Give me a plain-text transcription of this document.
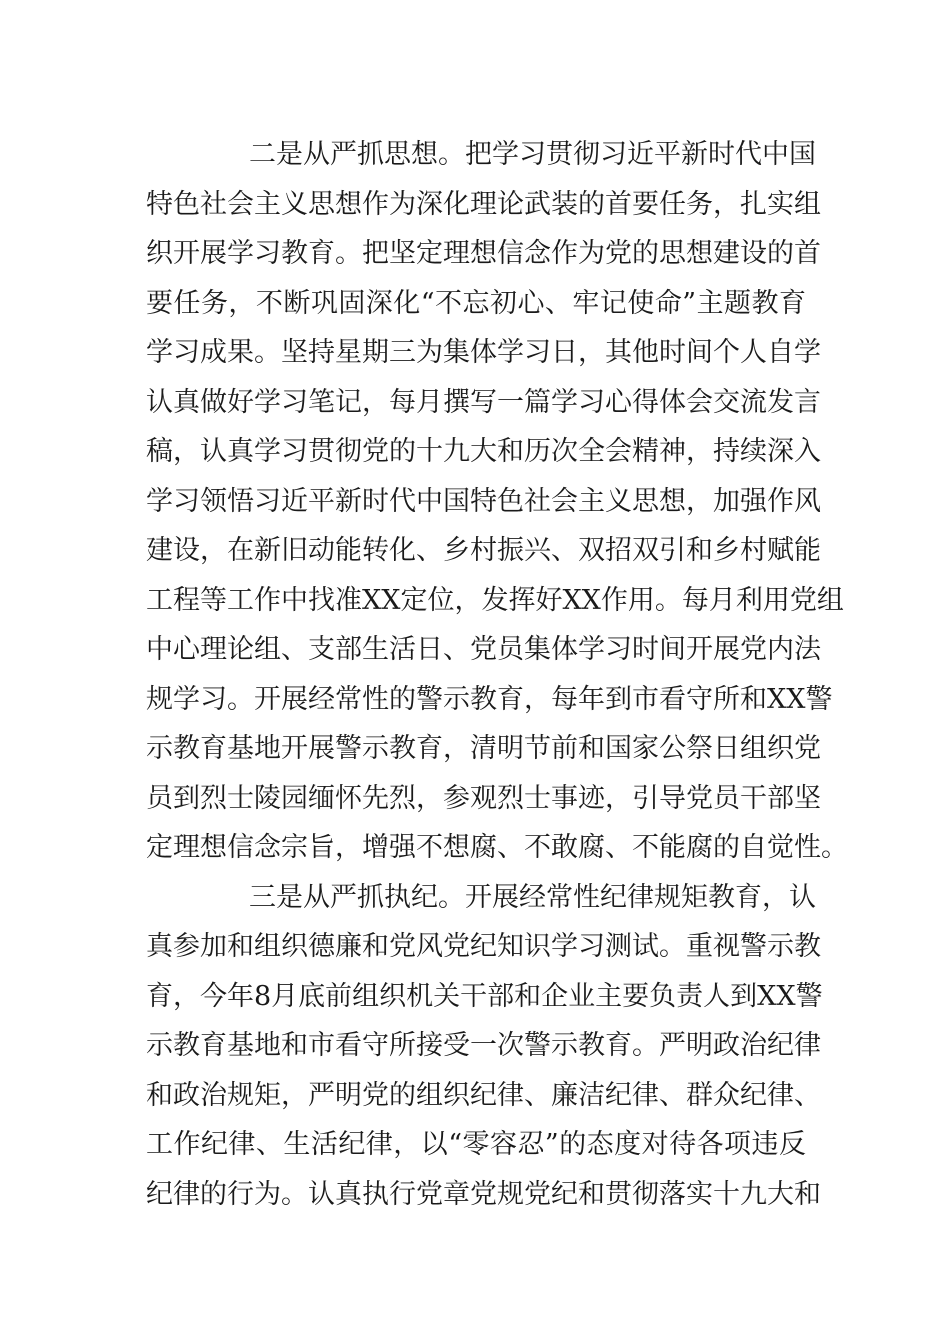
二是从严抓思想。把学习贯彻习近平新时代中国
特色社会主义思想作为深化理论武装的首要任务，扎实组
织开展学习教育。把坚定理想信念作为党的思想建设的首
要任务，不断巩固深化“不忘初心、牢记使命”主题教育
学习成果。坚持星期三为集体学习日，其他时间个人自学
认真做好学习笔记，每月撰写一篇学习心得体会交流发言
稿，认真学习贯彻党的十九大和历次全会精神，持续深入
学习领悟习近平新时代中国特色社会主义思想，加强作风
建设，在新旧动能转化、乡村振兴、双招双引和乡村赋能
工程等工作中找准XX定位，发挥好XX作用。每月利用党组
中心理论组、支部生活日、党员集体学习时间开展党内法
规学习。开展经常性的警示教育，每年到市看守所和XX警
示教育基地开展警示教育，清明节前和国家公祭日组织党
员到烈士陵园缅怀先烈，参观烈士事迹，引导党员干部坚
定理想信念宗旨，增强不想腐、不敢腐、不能腐的自觉性。
三是从严抓执纪。开展经常性纪律规矩教育，认
真参加和组织德廉和党风党纪知识学习测试。重视警示教
育，今年8月底前组织机关干部和企业主要负责人到XX警
示教育基地和市看守所接受一次警示教育。严明政治纪律
和政治规矩，严明党的组织纪律、廉洁纪律、群众纪律、
工作纪律、生活纪律，以“零容忍”的态度对待各项违反
纪律的行为。认真执行党章党规党纪和贯彻落实十九大和
